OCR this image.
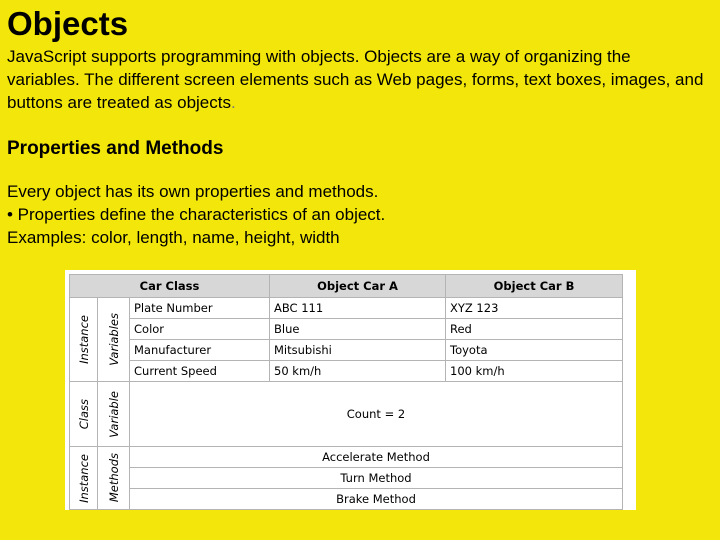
Objects

JavaScript supports programming with objects. Objects are a way of organizing the variables. The different screen elements such as Web pages, forms, text boxes, images, and buttons are treated as objects.

Properties and Methods
Every object has its own properties and methods.
• Properties define the characteristics of an object.
Examples: color, length, name, height, width
Car Class			Object Car A	Object Car B

Instance	Variables	Plate Number	ABC 111	XYZ 123
		Color	Blue	Red
		Manufacturer	Mitsubishi	Toyota
		Current Speed	50 km/h	100 km/h

Class	Variable	Count = 2		

Instance	Methods	Accelerate Method		
		Turn Method		
		Brake Method		
